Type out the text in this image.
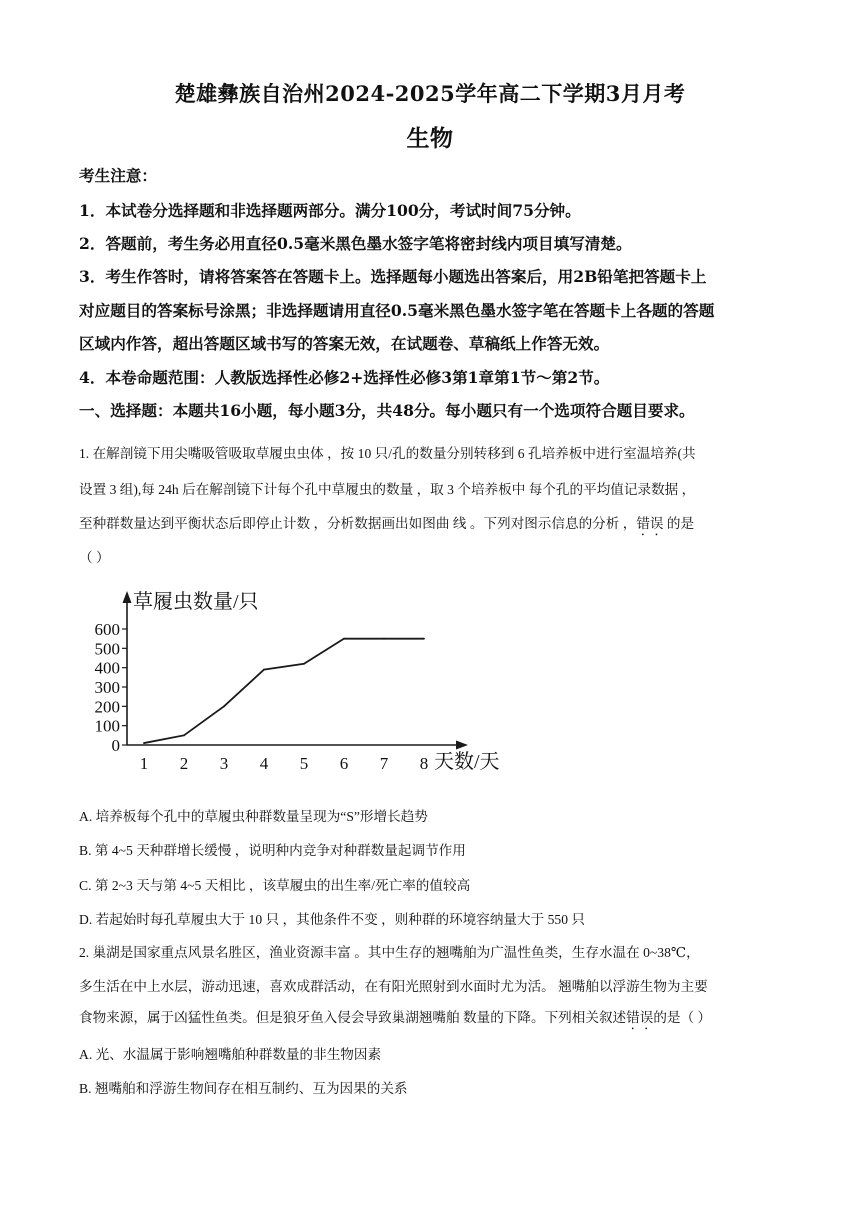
楚雄彝族自治州2024-2025学年高二下学期3月月考
生物
考生注意：
1．本试卷分选择题和非选择题两部分。满分100分，考试时间75分钟。
2．答题前，考生务必用直径0.5毫米黑色墨水签字笔将密封线内项目填写清楚。
3．考生作答时，请将答案答在答题卡上。选择题每小题选出答案后，用2B铅笔把答题卡上
对应题目的答案标号涂黑；非选择题请用直径0.5毫米黑色墨水签字笔在答题卡上各题的答题
区域内作答，超出答题区域书写的答案无效，在试题卷、草稿纸上作答无效。
4．本卷命题范围：人教版选择性必修2+选择性必修3第1章第1节～第2节。
一、选择题：本题共16小题，每小题3分，共48分。每小题只有一个选项符合题目要求。
1. 在解剖镜下用尖嘴吸管吸取草履虫虫体 ，按 10 只/孔的数量分别转移到 6 孔培养板中进行室温培养(共
设置 3 组),每 24h 后在解剖镜下计每个孔中草履虫的数量 ，取 3 个培养板中 每个孔的平均值记录数据 ，
至种群数量达到平衡状态后即停止计数 ，分析数据画出如图曲 线 。下列对图示信息的分析 ，错误 的是
（ ）
草履虫数量/只
天数/天
0
100
200
300
400
500
600
1 2 3 4 5 6 7 8
A. 培养板每个孔中的草履虫种群数量呈现为“S”形增长趋势
B. 第 4~5 天种群增长缓慢 ，说明种内竞争对种群数量起调节作用
C. 第 2~3 天与第 4~5 天相比 ，该草履虫的出生率/死亡率的值较高
D. 若起始时每孔草履虫大于 10 只 ，其他条件不变 ，则种群的环境容纳量大于 550 只
2. 巢湖是国家重点风景名胜区，渔业资源丰富 。其中生存的翘嘴舶为广温性鱼类，生存水温在 0~38℃，
多生活在中上水层，游动迅速，喜欢成群活动，在有阳光照射到水面时尤为活。 翘嘴舶以浮游生物为主要
食物来源，属于凶猛性鱼类。但是狼牙鱼入侵会导致巢湖翘嘴舶 数量的下降。下列相关叙述错误的是（ ）
A. 光、水温属于影响翘嘴舶种群数量的非生物因素
B. 翘嘴舶和浮游生物间存在相互制约、互为因果的关系
